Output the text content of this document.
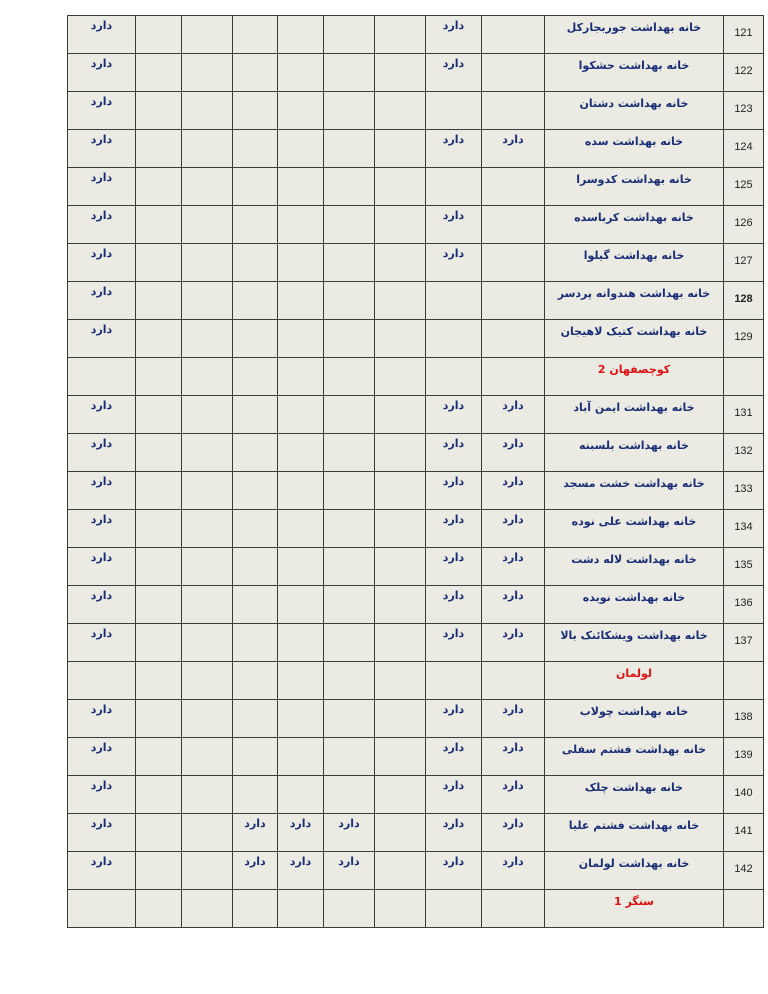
دارد							دارد		خانه بهداشت جوربجارکل	121

دارد							دارد		خانه بهداشت حشکوا	122

دارد									خانه بهداشت دشتان	123

دارد							دارد	دارد	خانه بهداشت سده	124

دارد									خانه بهداشت کدوسرا	125

دارد							دارد		خانه بهداشت کرباسده	126

دارد							دارد		خانه بهداشت گیلوا	127

دارد									خانه بهداشت هندوانه پردسر	128

دارد									خانه بهداشت کتیک لاهیجان	129

									کوچصفهان 2	

دارد							دارد	دارد	خانه بهداشت ایمن آباد	131

دارد							دارد	دارد	خانه بهداشت بلسبنه	132

دارد							دارد	دارد	خانه بهداشت خشت مسجد	133

دارد							دارد	دارد	خانه بهداشت علی نوده	134

دارد							دارد	دارد	خانه بهداشت لاله دشت	135

دارد							دارد	دارد	خانه بهداشت نویده	136

دارد							دارد	دارد	خانه بهداشت ویشکائنک بالا	137

									لولمان	

دارد							دارد	دارد	خانه بهداشت چولاب	138

دارد							دارد	دارد	خانه بهداشت فشتم سفلی	139

دارد							دارد	دارد	خانه بهداشت چلک	140

دارد			دارد	دارد	دارد		دارد	دارد	خانه بهداشت فشتم علیا	141

دارد			دارد	دارد	دارد		دارد	دارد	خانه بهداشت لولمان	142

									سنگر 1	
